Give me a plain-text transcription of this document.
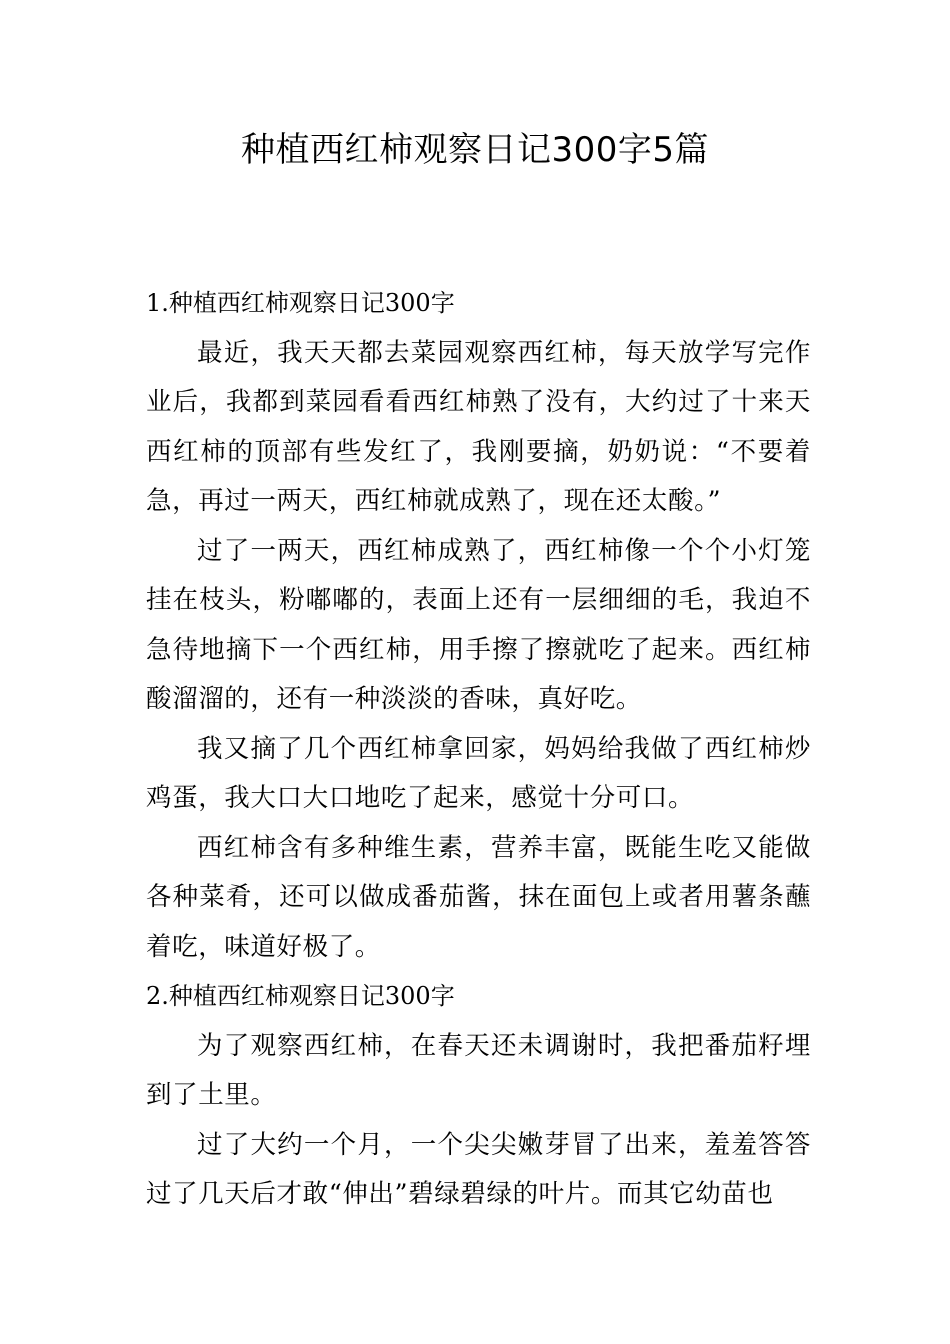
种植西红柿观察日记300字5篇
1.种植西红柿观察日记300字

最近，我天天都去菜园观察西红柿，每天放学写完作业后，我都到菜园看看西红柿熟了没有，大约过了十来天西红柿的顶部有些发红了，我刚要摘，奶奶说：“不要着急，再过一两天，西红柿就成熟了，现在还太酸。”

过了一两天，西红柿成熟了，西红柿像一个个小灯笼挂在枝头，粉嘟嘟的，表面上还有一层细细的毛，我迫不急待地摘下一个西红柿，用手擦了擦就吃了起来。西红柿酸溜溜的，还有一种淡淡的香味，真好吃。

我又摘了几个西红柿拿回家，妈妈给我做了西红柿炒鸡蛋，我大口大口地吃了起来，感觉十分可口。

西红柿含有多种维生素，营养丰富，既能生吃又能做各种菜肴，还可以做成番茄酱，抹在面包上或者用薯条蘸着吃，味道好极了。

2.种植西红柿观察日记300字

为了观察西红柿，在春天还未调谢时，我把番茄籽埋到了土里。

过了大约一个月，一个尖尖嫩芽冒了出来，羞羞答答过了几天后才敢“伸出”碧绿碧绿的叶片。而其它幼苗也
